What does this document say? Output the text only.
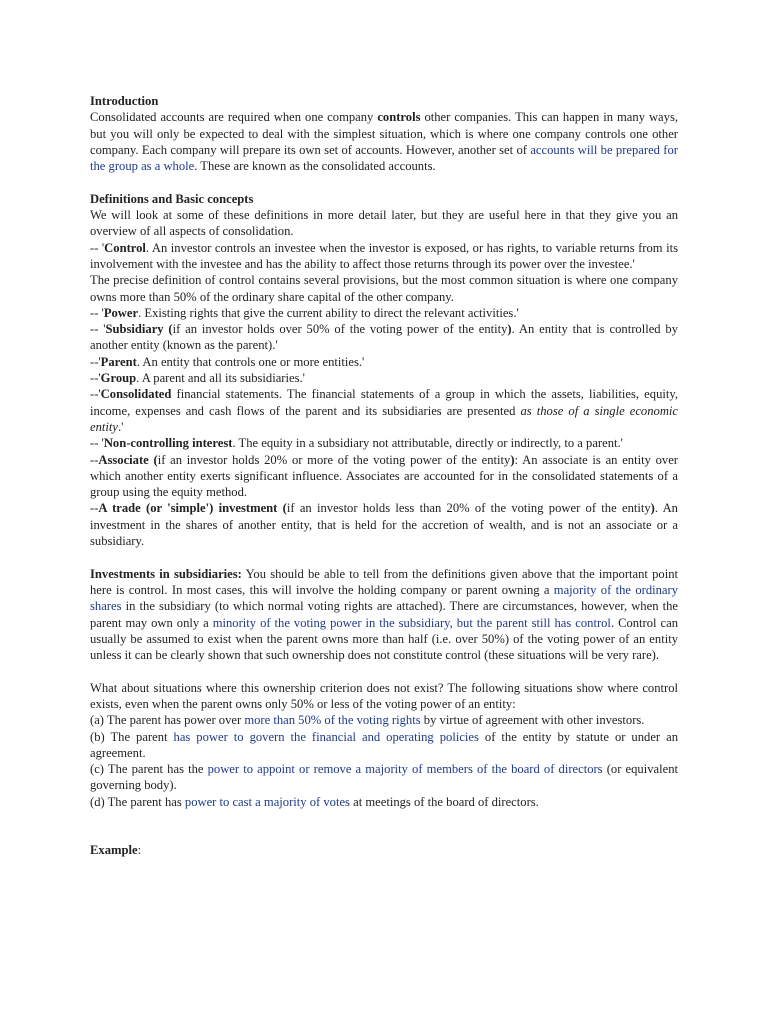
Introduction

Consolidated accounts are required when one company controls other companies. This can happen in many ways, but you will only be expected to deal with the simplest situation, which is where one company controls one other company. Each company will prepare its own set of accounts. However, another set of accounts will be prepared for the group as a whole. These are known as the consolidated accounts.

Definitions and Basic concepts

We will look at some of these definitions in more detail later, but they are useful here in that they give you an overview of all aspects of consolidation.

-- 'Control. An investor controls an investee when the investor is exposed, or has rights, to variable returns from its involvement with the investee and has the ability to affect those returns through its power over the investee.'

The precise definition of control contains several provisions, but the most common situation is where one company owns more than 50% of the ordinary share capital of the other company.

-- 'Power. Existing rights that give the current ability to direct the relevant activities.'

-- 'Subsidiary (if an investor holds over 50% of the voting power of the entity). An entity that is controlled by another entity (known as the parent).'

--'Parent. An entity that controls one or more entities.'

--'Group. A parent and all its subsidiaries.'

--'Consolidated financial statements. The financial statements of a group in which the assets, liabilities, equity, income, expenses and cash flows of the parent and its subsidiaries are presented as those of a single economic entity.'

-- 'Non-controlling interest. The equity in a subsidiary not attributable, directly or indirectly, to a parent.'

--Associate (if an investor holds 20% or more of the voting power of the entity): An associate is an entity over which another entity exerts significant influence. Associates are accounted for in the consolidated statements of a group using the equity method.

--A trade (or 'simple') investment (if an investor holds less than 20% of the voting power of the entity). An investment in the shares of another entity, that is held for the accretion of wealth, and is not an associate or a subsidiary.

Investments in subsidiaries: You should be able to tell from the definitions given above that the important point here is control. In most cases, this will involve the holding company or parent owning a majority of the ordinary shares in the subsidiary (to which normal voting rights are attached). There are circumstances, however, when the parent may own only a minority of the voting power in the subsidiary, but the parent still has control. Control can usually be assumed to exist when the parent owns more than half (i.e. over 50%) of the voting power of an entity unless it can be clearly shown that such ownership does not constitute control (these situations will be very rare).

What about situations where this ownership criterion does not exist? The following situations show where control exists, even when the parent owns only 50% or less of the voting power of an entity:

(a) The parent has power over more than 50% of the voting rights by virtue of agreement with other investors.

(b) The parent has power to govern the financial and operating policies of the entity by statute or under an agreement.

(c) The parent has the power to appoint or remove a majority of members of the board of directors (or equivalent governing body).

(d) The parent has power to cast a majority of votes at meetings of the board of directors.

Example:
